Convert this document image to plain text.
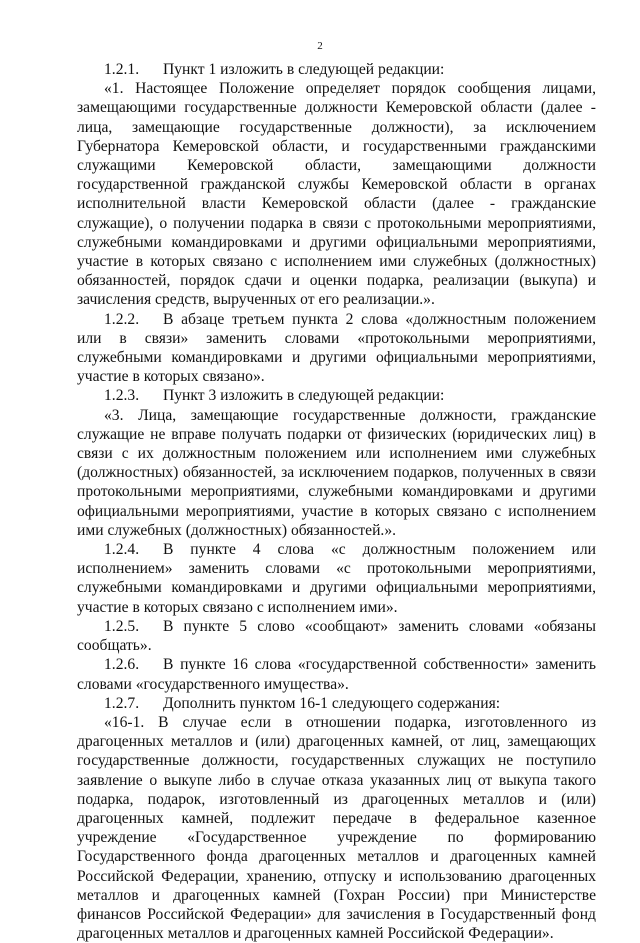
2

1.2.1. Пункт 1 изложить в следующей редакции:

«1. Настоящее Положение определяет порядок сообщения лицами, замещающими государственные должности Кемеровской области (далее - лица, замещающие государственные должности), за исключением Губернатора Кемеровской области, и государственными гражданскими служащими Кемеровской области, замещающими должности государственной гражданской службы Кемеровской области в органах исполнительной власти Кемеровской области (далее - гражданские служащие), о получении подарка в связи с протокольными мероприятиями, служебными командировками и другими официальными мероприятиями, участие в которых связано с исполнением ими служебных (должностных) обязанностей, порядок сдачи и оценки подарка, реализации (выкупа) и зачисления средств, вырученных от его реализации.».

1.2.2. В абзаце третьем пункта 2 слова «должностным положением или в связи» заменить словами «протокольными мероприятиями, служебными командировками и другими официальными мероприятиями, участие в которых связано».

1.2.3. Пункт 3 изложить в следующей редакции:

«3. Лица, замещающие государственные должности, гражданские служащие не вправе получать подарки от физических (юридических лиц) в связи с их должностным положением или исполнением ими служебных (должностных) обязанностей, за исключением подарков, полученных в связи протокольными мероприятиями, служебными командировками и другими официальными мероприятиями, участие в которых связано с исполнением ими служебных (должностных) обязанностей.».

1.2.4. В пункте 4 слова «с должностным положением или исполнением» заменить словами «с протокольными мероприятиями, служебными командировками и другими официальными мероприятиями, участие в которых связано с исполнением ими».

1.2.5. В пункте 5 слово «сообщают» заменить словами «обязаны сообщать».

1.2.6. В пункте 16 слова «государственной собственности» заменить словами «государственного имущества».

1.2.7. Дополнить пунктом 16-1 следующего содержания:

«16-1. В случае если в отношении подарка, изготовленного из драгоценных металлов и (или) драгоценных камней, от лиц, замещающих государственные должности, государственных служащих не поступило заявление о выкупе либо в случае отказа указанных лиц от выкупа такого подарка, подарок, изготовленный из драгоценных металлов и (или) драгоценных камней, подлежит передаче в федеральное казенное учреждение «Государственное учреждение по формированию Государственного фонда драгоценных металлов и драгоценных камней Российской Федерации, хранению, отпуску и использованию драгоценных металлов и драгоценных камней (Гохран России) при Министерстве финансов Российской Федерации» для зачисления в Государственный фонд драгоценных металлов и драгоценных камней Российской Федерации».
